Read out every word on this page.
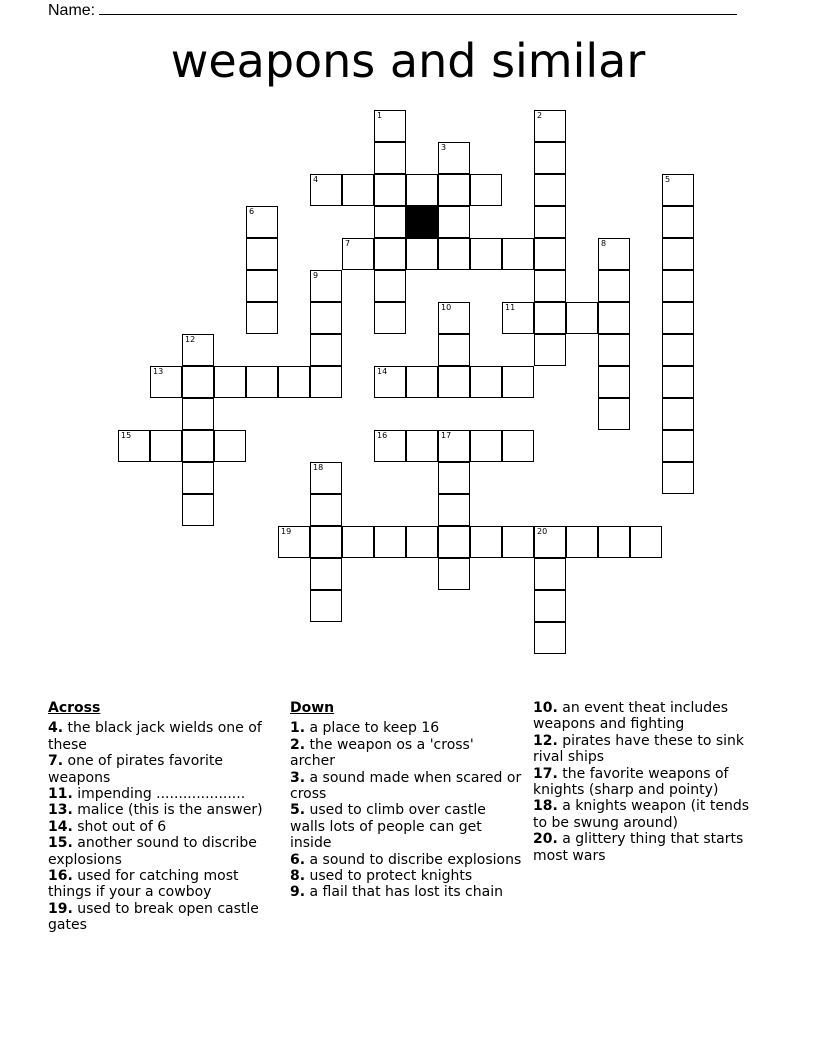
Name:
weapons and similar
1	2
3
4	5
6
7	8
9
10	11
12
13	14
15	16	17
18
19	20
Across
4. the black jack wields one of these
7. one of pirates favorite weapons
11. impending ....................
13. malice (this is the answer)
14. shot out of 6
15. another sound to discribe explosions
16. used for catching most things if your a cowboy
19. used to break open castle gates
Down
1. a place to keep 16
2. the weapon os a 'cross' archer
3. a sound made when scared or cross
5. used to climb over castle walls lots of people can get inside
6. a sound to discribe explosions
8. used to protect knights
9. a flail that has lost its chain
10. an event theat includes weapons and fighting
12. pirates have these to sink rival ships
17. the favorite weapons of knights (sharp and pointy)
18. a knights weapon (it tends to be swung around)
20. a glittery thing that starts most wars
